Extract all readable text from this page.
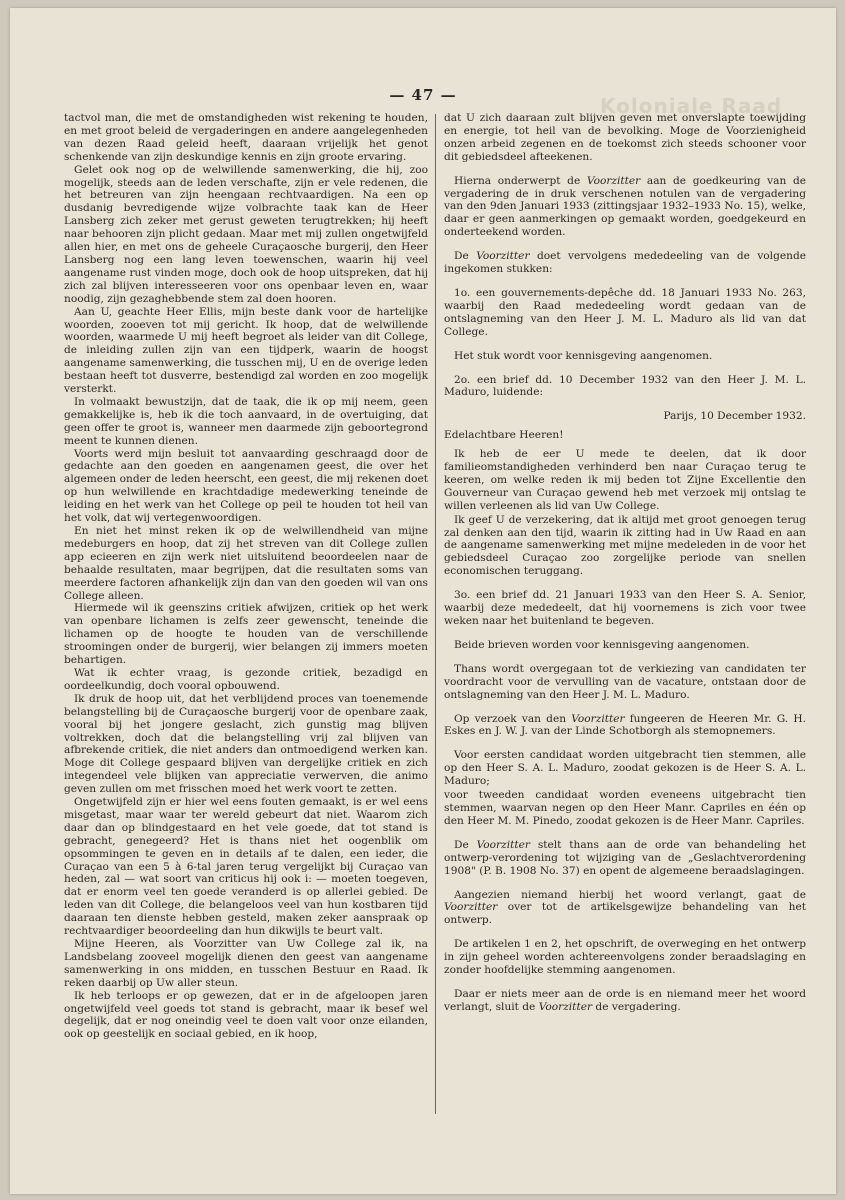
Koloniale Raad
— 47 —

tactvol man, die met de omstandigheden wist rekening te houden, en met groot beleid de vergaderingen en andere aangelegenheden van dezen Raad geleid heeft, daaraan vrijelijk het genot schenkende van zijn deskundige kennis en zijn groote ervaring.

Gelet ook nog op de welwillende samenwerking, die hij, zoo mogelijk, steeds aan de leden verschafte, zijn er vele redenen, die het betreuren van zijn heengaan rechtvaardigen. Na een op dusdanig bevredigende wijze volbrachte taak kan de Heer Lansberg zich zeker met gerust geweten terugtrekken; hij heeft naar behooren zijn plicht gedaan. Maar met mij zullen ongetwijfeld allen hier, en met ons de geheele Curaçaosche burgerij, den Heer Lansberg nog een lang leven toewenschen, waarin hij veel aangename rust vinden moge, doch ook de hoop uitspreken, dat hij zich zal blijven interesseeren voor ons openbaar leven en, waar noodig, zijn gezaghebbende stem zal doen hooren.

Aan U, geachte Heer Ellis, mijn beste dank voor de hartelijke woorden, zooeven tot mij gericht. Ik hoop, dat de welwillende woorden, waarmede U mij heeft begroet als leider van dit College, de inleiding zullen zijn van een tijdperk, waarin de hoogst aangename samenwerking, die tusschen mij, U en de overige leden bestaan heeft tot dusverre, bestendigd zal worden en zoo mogelijk versterkt.

In volmaakt bewustzijn, dat de taak, die ik op mij neem, geen gemakkelijke is, heb ik die toch aanvaard, in de overtuiging, dat geen offer te groot is, wanneer men daarmede zijn geboortegrond meent te kunnen dienen.

Voorts werd mijn besluit tot aanvaarding geschraagd door de gedachte aan den goeden en aangenamen geest, die over het algemeen onder de leden heerscht, een geest, die mij rekenen doet op hun welwillende en krachtdadige medewerking teneinde de leiding en het werk van het College op peil te houden tot heil van het volk, dat wij vertegenwoordigen.

En niet het minst reken ik op de welwillendheid van mijne medeburgers en hoop, dat zij het streven van dit College zullen app ecieeren en zijn werk niet uitsluitend beoordeelen naar de behaalde resultaten, maar begrijpen, dat die resultaten soms van meerdere factoren afhankelijk zijn dan van den goeden wil van ons College alleen.

Hiermede wil ik geenszins critiek afwijzen, critiek op het werk van openbare lichamen is zelfs zeer gewenscht, teneinde die lichamen op de hoogte te houden van de verschillende stroomingen onder de burgerij, wier belangen zij immers moeten behartigen.

Wat ik echter vraag, is gezonde critiek, bezadigd en oordeelkundig, doch vooral opbouwend.

Ik druk de hoop uit, dat het verblijdend proces van toenemende belangstelling bij de Curaçaosche burgerij voor de openbare zaak, vooral bij het jongere geslacht, zich gunstig mag blijven voltrekken, doch dat die belangstelling vrij zal blijven van afbrekende critiek, die niet anders dan ontmoedigend werken kan. Moge dit College gespaard blijven van dergelijke critiek en zich integendeel vele blijken van appreciatie verwerven, die animo geven zullen om met frisschen moed het werk voort te zetten.

Ongetwijfeld zijn er hier wel eens fouten gemaakt, is er wel eens misgetast, maar waar ter wereld gebeurt dat niet. Waarom zich daar dan op blindgestaard en het vele goede, dat tot stand is gebracht, genegeerd? Het is thans niet het oogenblik om opsommingen te geven en in details af te dalen, een ieder, die Curaçao van een 5 à 6-tal jaren terug vergelijkt bij Curaçao van heden, zal — wat soort van criticus hij ook i: — moeten toegeven, dat er enorm veel ten goede veranderd is op allerlei gebied. De leden van dit College, die belangeloos veel van hun kostbaren tijd daaraan ten dienste hebben gesteld, maken zeker aanspraak op rechtvaardiger beoordeeling dan hun dikwijls te beurt valt.

Mijne Heeren, als Voorzitter van Uw College zal ik, na Landsbelang zooveel mogelijk dienen den geest van aangename samenwerking in ons midden, en tusschen Bestuur en Raad. Ik reken daarbij op Uw aller steun.

Ik heb terloops er op gewezen, dat er in de afgeloopen jaren ongetwijfeld veel goeds tot stand is gebracht, maar ik besef wel degelijk, dat er nog oneindig veel te doen valt voor onze eilanden, ook op geestelijk en sociaal gebied, en ik hoop,

dat U zich daaraan zult blijven geven met onverslapte toewijding en energie, tot heil van de bevolking. Moge de Voorzienigheid onzen arbeid zegenen en de toekomst zich steeds schooner voor dit gebiedsdeel afteekenen.

Hierna onderwerpt de Voorzitter aan de goedkeuring van de vergadering de in druk verschenen notulen van de vergadering van den 9den Januari 1933 (zittingsjaar 1932–1933 No. 15), welke, daar er geen aanmerkingen op gemaakt worden, goedgekeurd en onderteekend worden.

De Voorzitter doet vervolgens mededeeling van de volgende ingekomen stukken:

1o. een gouvernements-depêche dd. 18 Januari 1933 No. 263, waarbij den Raad mededeeling wordt gedaan van de ontslagneming van den Heer J. M. L. Maduro als lid van dat College.

Het stuk wordt voor kennisgeving aangenomen.

2o. een brief dd. 10 December 1932 van den Heer J. M. L. Maduro, luidende:

Parijs, 10 December 1932.

Edelachtbare Heeren!

Ik heb de eer U mede te deelen, dat ik door familieomstandigheden verhinderd ben naar Curaçao terug te keeren, om welke reden ik mij beden tot Zijne Excellentie den Gouverneur van Curaçao gewend heb met verzoek mij ontslag te willen verleenen als lid van Uw College.

Ik geef U de verzekering, dat ik altijd met groot genoegen terug zal denken aan den tijd, waarin ik zitting had in Uw Raad en aan de aangename samenwerking met mijne medeleden in de voor het gebiedsdeel Curaçao zoo zorgelijke periode van snellen economischen teruggang.

3o. een brief dd. 21 Januari 1933 van den Heer S. A. Senior, waarbij deze mededeelt, dat hij voornemens is zich voor twee weken naar het buitenland te begeven.

Beide brieven worden voor kennisgeving aangenomen.

Thans wordt overgegaan tot de verkiezing van candidaten ter voordracht voor de vervulling van de vacature, ontstaan door de ontslagneming van den Heer J. M. L. Maduro.

Op verzoek van den Voorzitter fungeeren de Heeren Mr. G. H. Eskes en J. W. J. van der Linde Schotborgh als stemopnemers.

Voor eersten candidaat worden uitgebracht tien stemmen, alle op den Heer S. A. L. Maduro, zoodat gekozen is de Heer S. A. L. Maduro;

voor tweeden candidaat worden eveneens uitgebracht tien stemmen, waarvan negen op den Heer Manr. Capriles en één op den Heer M. M. Pinedo, zoodat gekozen is de Heer Manr. Capriles.

De Voorzitter stelt thans aan de orde van behandeling het ontwerp-verordening tot wijziging van de „Geslachtverordening 1908" (P. B. 1908 No. 37) en opent de algemeene beraadslagingen.

Aangezien niemand hierbij het woord verlangt, gaat de Voorzitter over tot de artikelsgewijze behandeling van het ontwerp.

De artikelen 1 en 2, het opschrift, de overweging en het ontwerp in zijn geheel worden achtereenvolgens zonder beraadslaging en zonder hoofdelijke stemming aangenomen.

Daar er niets meer aan de orde is en niemand meer het woord verlangt, sluit de Voorzitter de vergadering.
